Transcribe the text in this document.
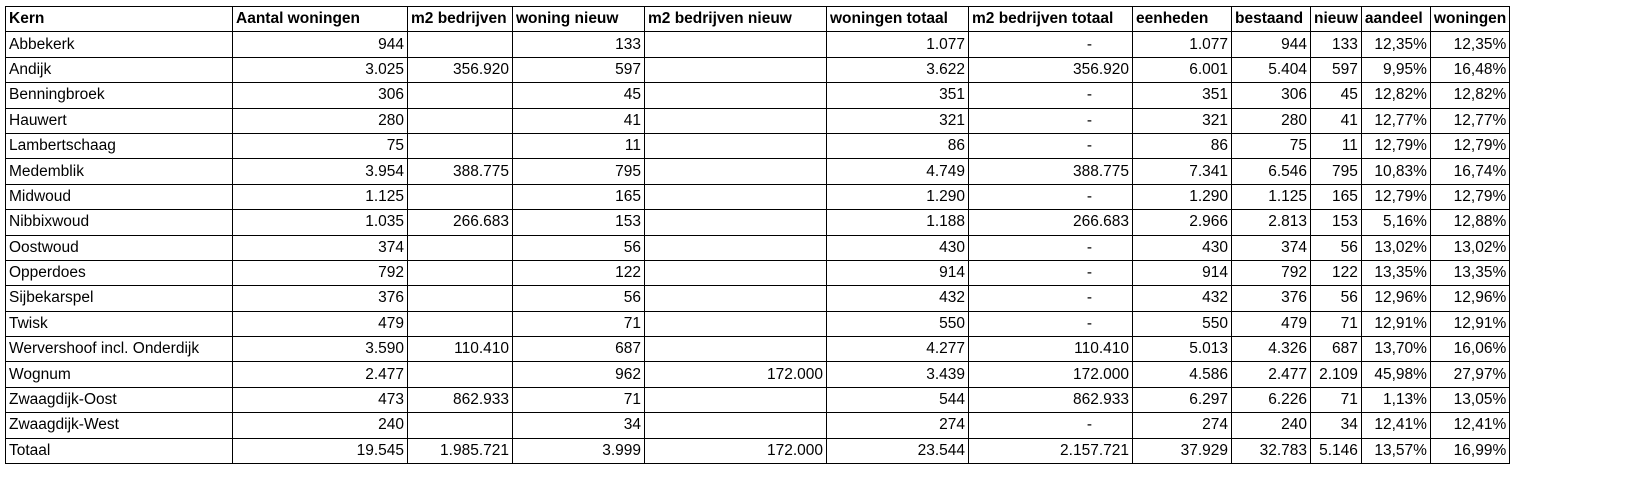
Kern	Aantal woningen	m2 bedrijven	woning nieuw	m2 bedrijven nieuw	woningen totaal	m2 bedrijven totaal	eenheden	bestaand	nieuw	aandeel	woningen
Abbekerk	944		133		1.077	-	1.077	944	133	12,35%	12,35%
Andijk	3.025	356.920	597		3.622	356.920	6.001	5.404	597	9,95%	16,48%
Benningbroek	306		45		351	-	351	306	45	12,82%	12,82%
Hauwert	280		41		321	-	321	280	41	12,77%	12,77%
Lambertschaag	75		11		86	-	86	75	11	12,79%	12,79%
Medemblik	3.954	388.775	795		4.749	388.775	7.341	6.546	795	10,83%	16,74%
Midwoud	1.125		165		1.290	-	1.290	1.125	165	12,79%	12,79%
Nibbixwoud	1.035	266.683	153		1.188	266.683	2.966	2.813	153	5,16%	12,88%
Oostwoud	374		56		430	-	430	374	56	13,02%	13,02%
Opperdoes	792		122		914	-	914	792	122	13,35%	13,35%
Sijbekarspel	376		56		432	-	432	376	56	12,96%	12,96%
Twisk	479		71		550	-	550	479	71	12,91%	12,91%
Wervershoof incl. Onderdijk	3.590	110.410	687		4.277	110.410	5.013	4.326	687	13,70%	16,06%
Wognum	2.477		962	172.000	3.439	172.000	4.586	2.477	2.109	45,98%	27,97%
Zwaagdijk-Oost	473	862.933	71		544	862.933	6.297	6.226	71	1,13%	13,05%
Zwaagdijk-West	240		34		274	-	274	240	34	12,41%	12,41%
Totaal	19.545	1.985.721	3.999	172.000	23.544	2.157.721	37.929	32.783	5.146	13,57%	16,99%
